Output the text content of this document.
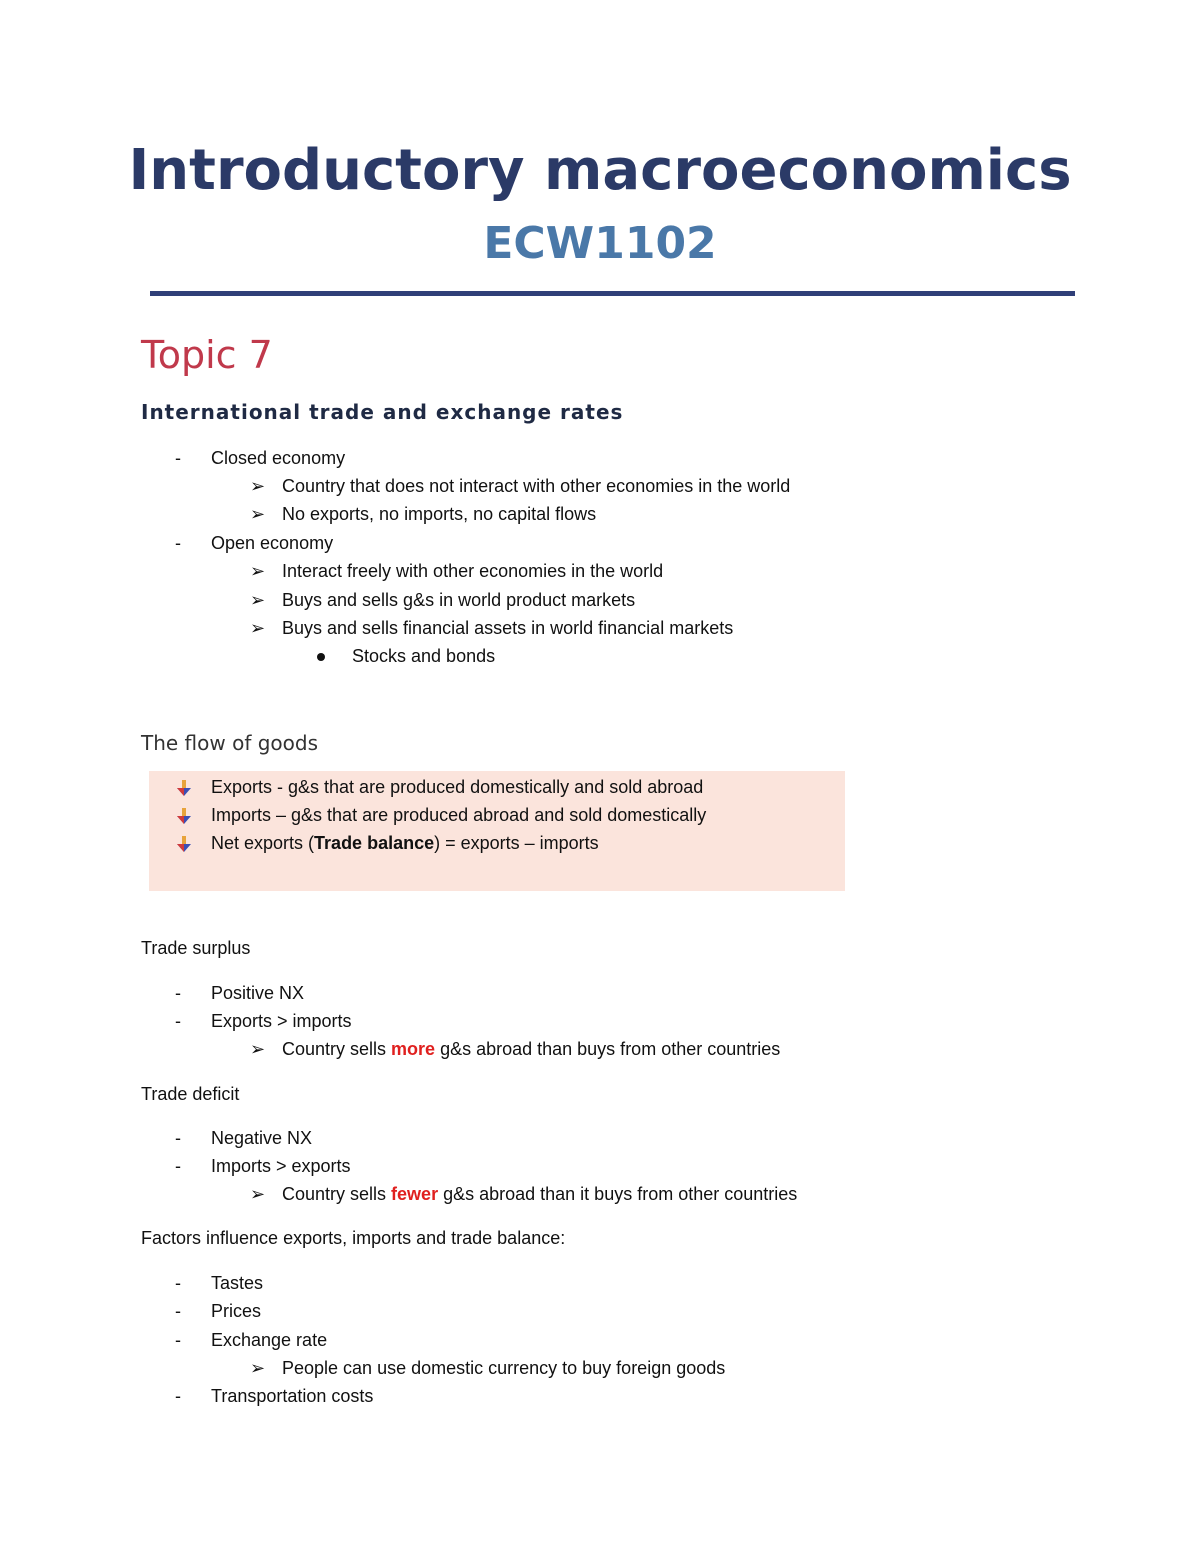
Introductory macroeconomics
ECW1102
Topic 7
International trade and exchange rates
- Closed economy
➢ Country that does not interact with other economies in the world
➢ No exports, no imports, no capital flows
- Open economy
➢ Interact freely with other economies in the world
➢ Buys and sells g&s in world product markets
➢ Buys and sells financial assets in world financial markets
Stocks and bonds
The flow of goods
Exports - g&s that are produced domestically and sold abroad
Imports – g&s that are produced abroad and sold domestically
Net exports (Trade balance) = exports – imports
Trade surplus
- Positive NX
- Exports > imports
➢ Country sells more g&s abroad than buys from other countries
Trade deficit
- Negative NX
- Imports > exports
➢ Country sells fewer g&s abroad than it buys from other countries
Factors influence exports, imports and trade balance:
- Tastes
- Prices
- Exchange rate
➢ People can use domestic currency to buy foreign goods
- Transportation costs
